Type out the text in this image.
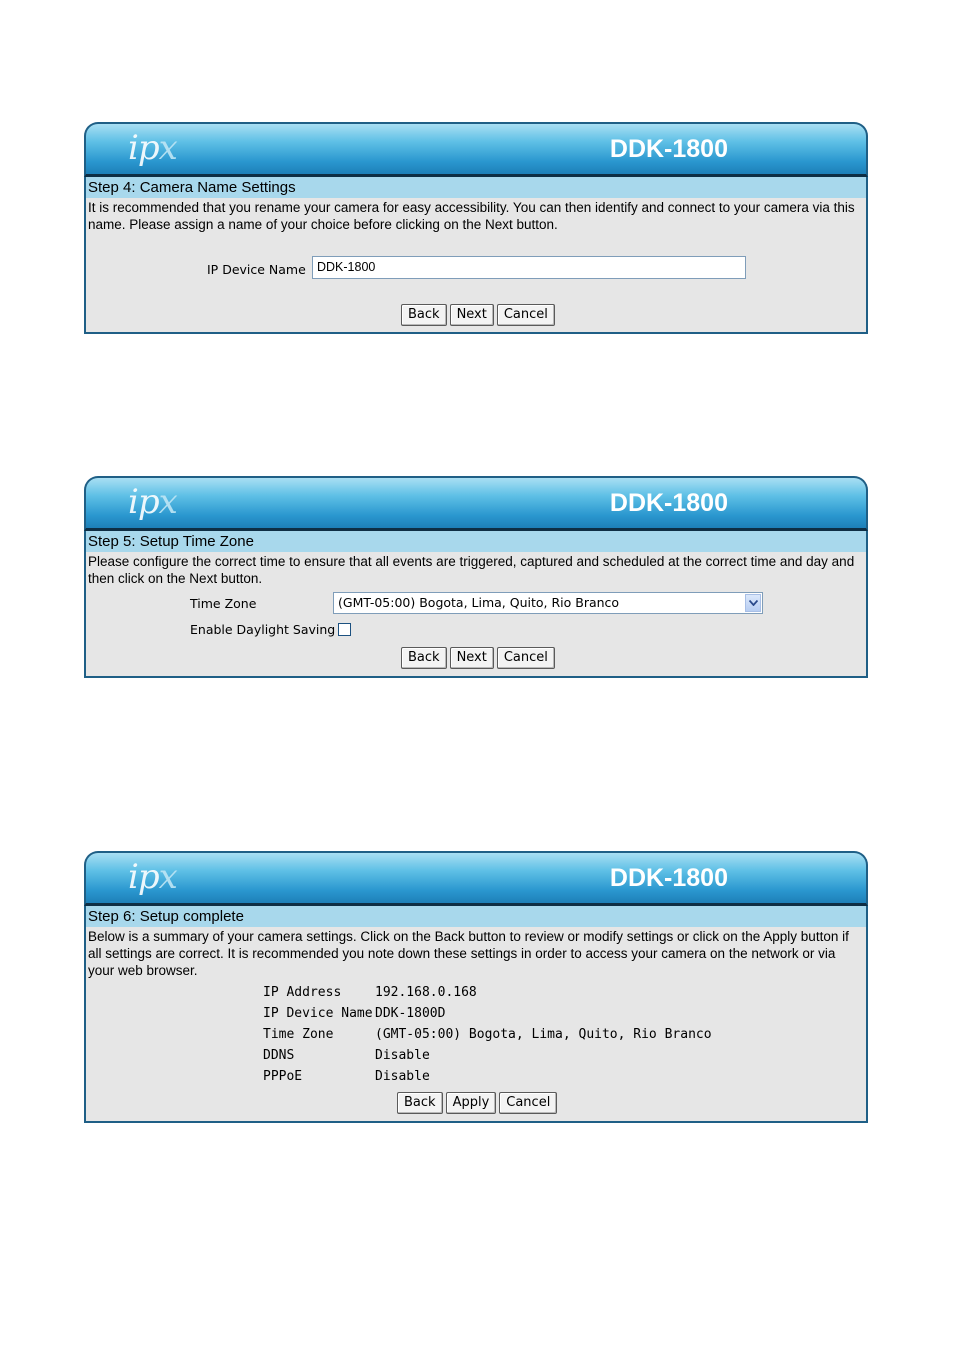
ipx	DDK-1800
Step 4: Camera Name Settings
It is recommended that you rename your camera for easy accessibility. You can then identify and connect to your camera via this name. Please assign a name of your choice before clicking on the Next button.
IP Device Name DDK-1800
Back	Next	Cancel
ipx	DDK-1800
Step 5: Setup Time Zone
Please configure the correct time to ensure that all events are triggered, captured and scheduled at the correct time and day and then click on the Next button.
Time Zone	(GMT-05:00) Bogota, Lima, Quito, Rio Branco
Enable Daylight Saving
Back	Next	Cancel
ipx	DDK-1800
Step 6: Setup complete
Below is a summary of your camera settings. Click on the Back button to review or modify settings or click on the Apply button if all settings are correct. It is recommended you note down these settings in order to access your camera on the network or via your web browser.
IP Address	192.168.0.168
IP Device Name DDK-1800D
Time Zone	(GMT-05:00) Bogota, Lima, Quito, Rio Branco
DDNS	Disable
PPPoE	Disable
Back	Apply	Cancel
